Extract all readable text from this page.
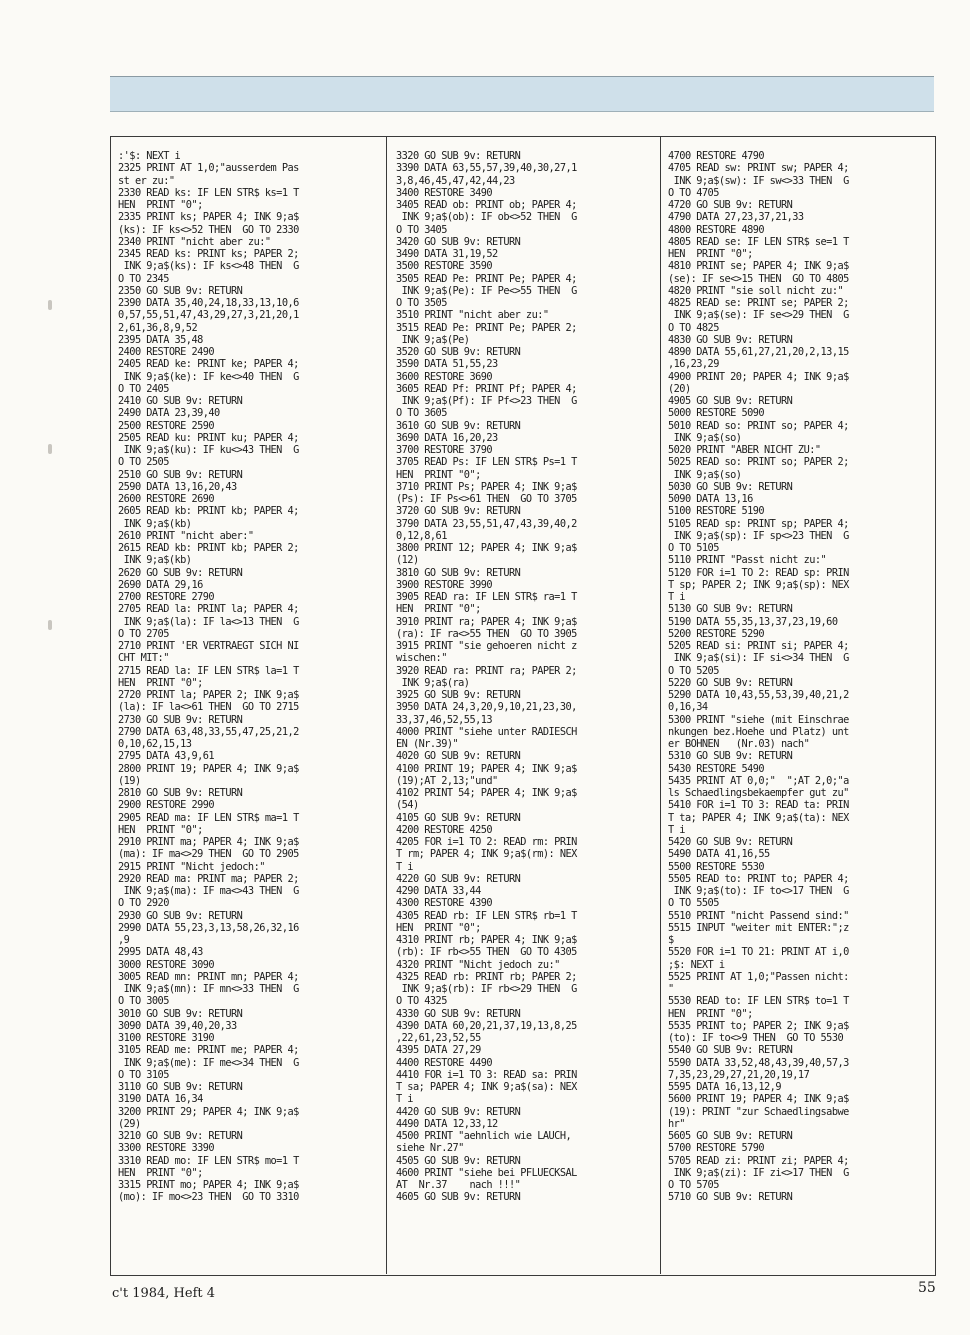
:'$: NEXT i
2325 PRINT AT 1,0;"ausserdem Pas
st er zu:"
2330 READ ks: IF LEN STR$ ks=1 T
HEN  PRINT "0";
2335 PRINT ks; PAPER 4; INK 9;a$
(ks): IF ks<>52 THEN  GO TO 2330
2340 PRINT "nicht aber zu:"
2345 READ ks: PRINT ks; PAPER 2;
INK 9;a$(ks): IF ks<>48 THEN  G
O TO 2345
2350 GO SUB 9v: RETURN
2390 DATA 35,40,24,18,33,13,10,6
0,57,55,51,47,43,29,27,3,21,20,1
2,61,36,8,9,52
2395 DATA 35,48
2400 RESTORE 2490
2405 READ ke: PRINT ke; PAPER 4;
INK 9;a$(ke): IF ke<>40 THEN  G
O TO 2405
2410 GO SUB 9v: RETURN
2490 DATA 23,39,40
2500 RESTORE 2590
2505 READ ku: PRINT ku; PAPER 4;
INK 9;a$(ku): IF ku<>43 THEN  G
O TO 2505
2510 GO SUB 9v: RETURN
2590 DATA 13,16,20,43
2600 RESTORE 2690
2605 READ kb: PRINT kb; PAPER 4;
INK 9;a$(kb)
2610 PRINT "nicht aber:"
2615 READ kb: PRINT kb; PAPER 2;
INK 9;a$(kb)
2620 GO SUB 9v: RETURN
2690 DATA 29,16
2700 RESTORE 2790
2705 READ la: PRINT la; PAPER 4;
INK 9;a$(la): IF la<>13 THEN  G
O TO 2705
2710 PRINT 'ER VERTRAEGT SICH NI
CHT MIT:"
2715 READ la: IF LEN STR$ la=1 T
HEN  PRINT "0";
2720 PRINT la; PAPER 2; INK 9;a$
(la): IF la<>61 THEN  GO TO 2715
2730 GO SUB 9v: RETURN
2790 DATA 63,48,33,55,47,25,21,2
0,10,62,15,13
2795 DATA 43,9,61
2800 PRINT 19; PAPER 4; INK 9;a$
(19)
2810 GO SUB 9v: RETURN
2900 RESTORE 2990
2905 READ ma: IF LEN STR$ ma=1 T
HEN  PRINT "0";
2910 PRINT ma; PAPER 4; INK 9;a$
(ma): IF ma<>29 THEN  GO TO 2905
2915 PRINT "Nicht jedoch:"
2920 READ ma: PRINT ma; PAPER 2;
INK 9;a$(ma): IF ma<>43 THEN  G
O TO 2920
2930 GO SUB 9v: RETURN
2990 DATA 55,23,3,13,58,26,32,16
,9
2995 DATA 48,43
3000 RESTORE 3090
3005 READ mn: PRINT mn; PAPER 4;
INK 9;a$(mn): IF mn<>33 THEN  G
O TO 3005
3010 GO SUB 9v: RETURN
3090 DATA 39,40,20,33
3100 RESTORE 3190
3105 READ me: PRINT me; PAPER 4;
INK 9;a$(me): IF me<>34 THEN  G
O TO 3105
3110 GO SUB 9v: RETURN
3190 DATA 16,34
3200 PRINT 29; PAPER 4; INK 9;a$
(29)
3210 GO SUB 9v: RETURN
3300 RESTORE 3390
3310 READ mo: IF LEN STR$ mo=1 T
HEN  PRINT "0";
3315 PRINT mo; PAPER 4; INK 9;a$
(mo): IF mo<>23 THEN  GO TO 3310
3320 GO SUB 9v: RETURN
3390 DATA 63,55,57,39,40,30,27,1
3,8,46,45,47,42,44,23
3400 RESTORE 3490
3405 READ ob: PRINT ob; PAPER 4;
INK 9;a$(ob): IF ob<>52 THEN  G
O TO 3405
3420 GO SUB 9v: RETURN
3490 DATA 31,19,52
3500 RESTORE 3590
3505 READ Pe: PRINT Pe; PAPER 4;
INK 9;a$(Pe): IF Pe<>55 THEN  G
O TO 3505
3510 PRINT "nicht aber zu:"
3515 READ Pe: PRINT Pe; PAPER 2;
INK 9;a$(Pe)
3520 GO SUB 9v: RETURN
3590 DATA 51,55,23
3600 RESTORE 3690
3605 READ Pf: PRINT Pf; PAPER 4;
INK 9;a$(Pf): IF Pf<>23 THEN  G
O TO 3605
3610 GO SUB 9v: RETURN
3690 DATA 16,20,23
3700 RESTORE 3790
3705 READ Ps: IF LEN STR$ Ps=1 T
HEN  PRINT "0";
3710 PRINT Ps; PAPER 4; INK 9;a$
(Ps): IF Ps<>61 THEN  GO TO 3705
3720 GO SUB 9v: RETURN
3790 DATA 23,55,51,47,43,39,40,2
0,12,8,61
3800 PRINT 12; PAPER 4; INK 9;a$
(12)
3810 GO SUB 9v: RETURN
3900 RESTORE 3990
3905 READ ra: IF LEN STR$ ra=1 T
HEN  PRINT "0";
3910 PRINT ra; PAPER 4; INK 9;a$
(ra): IF ra<>55 THEN  GO TO 3905
3915 PRINT "sie gehoeren nicht z
wischen:"
3920 READ ra: PRINT ra; PAPER 2;
INK 9;a$(ra)
3925 GO SUB 9v: RETURN
3950 DATA 24,3,20,9,10,21,23,30,
33,37,46,52,55,13
4000 PRINT "siehe unter RADIESCH
EN (Nr.39)"
4020 GO SUB 9v: RETURN
4100 PRINT 19; PAPER 4; INK 9;a$
(19);AT 2,13;"und"
4102 PRINT 54; PAPER 4; INK 9;a$
(54)
4105 GO SUB 9v: RETURN
4200 RESTORE 4250
4205 FOR i=1 TO 2: READ rm: PRIN
T rm; PAPER 4; INK 9;a$(rm): NEX
T i
4220 GO SUB 9v: RETURN
4290 DATA 33,44
4300 RESTORE 4390
4305 READ rb: IF LEN STR$ rb=1 T
HEN  PRINT "0";
4310 PRINT rb; PAPER 4; INK 9;a$
(rb): IF rb<>55 THEN  GO TO 4305
4320 PRINT "Nicht jedoch zu:"
4325 READ rb: PRINT rb; PAPER 2;
INK 9;a$(rb): IF rb<>29 THEN  G
O TO 4325
4330 GO SUB 9v: RETURN
4390 DATA 60,20,21,37,19,13,8,25
,22,61,23,52,55
4395 DATA 27,29
4400 RESTORE 4490
4410 FOR i=1 TO 3: READ sa: PRIN
T sa; PAPER 4; INK 9;a$(sa): NEX
T i
4420 GO SUB 9v: RETURN
4490 DATA 12,33,12
4500 PRINT "aehnlich wie LAUCH,
siehe Nr.27"
4505 GO SUB 9v: RETURN
4600 PRINT "siehe bei PFLUECKSAL
AT  Nr.37    nach !!!"
4605 GO SUB 9v: RETURN
4700 RESTORE 4790
4705 READ sw: PRINT sw; PAPER 4;
INK 9;a$(sw): IF sw<>33 THEN  G
O TO 4705
4720 GO SUB 9v: RETURN
4790 DATA 27,23,37,21,33
4800 RESTORE 4890
4805 READ se: IF LEN STR$ se=1 T
HEN  PRINT "0";
4810 PRINT se; PAPER 4; INK 9;a$
(se): IF se<>15 THEN  GO TO 4805
4820 PRINT "sie soll nicht zu:"
4825 READ se: PRINT se; PAPER 2;
INK 9;a$(se): IF se<>29 THEN  G
O TO 4825
4830 GO SUB 9v: RETURN
4890 DATA 55,61,27,21,20,2,13,15
,16,23,29
4900 PRINT 20; PAPER 4; INK 9;a$
(20)
4905 GO SUB 9v: RETURN
5000 RESTORE 5090
5010 READ so: PRINT so; PAPER 4;
INK 9;a$(so)
5020 PRINT "ABER NICHT ZU:"
5025 READ so: PRINT so; PAPER 2;
INK 9;a$(so)
5030 GO SUB 9v: RETURN
5090 DATA 13,16
5100 RESTORE 5190
5105 READ sp: PRINT sp; PAPER 4;
INK 9;a$(sp): IF sp<>23 THEN  G
O TO 5105
5110 PRINT "Passt nicht zu:"
5120 FOR i=1 TO 2: READ sp: PRIN
T sp; PAPER 2; INK 9;a$(sp): NEX
T i
5130 GO SUB 9v: RETURN
5190 DATA 55,35,13,37,23,19,60
5200 RESTORE 5290
5205 READ si: PRINT si; PAPER 4;
INK 9;a$(si): IF si<>34 THEN  G
O TO 5205
5220 GO SUB 9v: RETURN
5290 DATA 10,43,55,53,39,40,21,2
0,16,34
5300 PRINT "siehe (mit Einschrae
nkungen bez.Hoehe und Platz) unt
er BOHNEN   (Nr.03) nach"
5310 GO SUB 9v: RETURN
5430 RESTORE 5490
5435 PRINT AT 0,0;"  ";AT 2,0;"a
ls Schaedlingsbekaempfer gut zu"
5410 FOR i=1 TO 3: READ ta: PRIN
T ta; PAPER 4; INK 9;a$(ta): NEX
T i
5420 GO SUB 9v: RETURN
5490 DATA 41,16,55
5500 RESTORE 5530
5505 READ to: PRINT to; PAPER 4;
INK 9;a$(to): IF to<>17 THEN  G
O TO 5505
5510 PRINT "nicht Passend sind:"
5515 INPUT "weiter mit ENTER:";z
$
5520 FOR i=1 TO 21: PRINT AT i,0
;$: NEXT i
5525 PRINT AT 1,0;"Passen nicht:
"
5530 READ to: IF LEN STR$ to=1 T
HEN  PRINT "0";
5535 PRINT to; PAPER 2; INK 9;a$
(to): IF to<>9 THEN  GO TO 5530
5540 GO SUB 9v: RETURN
5590 DATA 33,52,48,43,39,40,57,3
7,35,23,29,27,21,20,19,17
5595 DATA 16,13,12,9
5600 PRINT 19; PAPER 4; INK 9;a$
(19): PRINT "zur Schaedlingsabwe
hr"
5605 GO SUB 9v: RETURN
5700 RESTORE 5790
5705 READ zi: PRINT zi; PAPER 4;
INK 9;a$(zi): IF zi<>17 THEN  G
O TO 5705
5710 GO SUB 9v: RETURN
c't 1984, Heft 4	55
